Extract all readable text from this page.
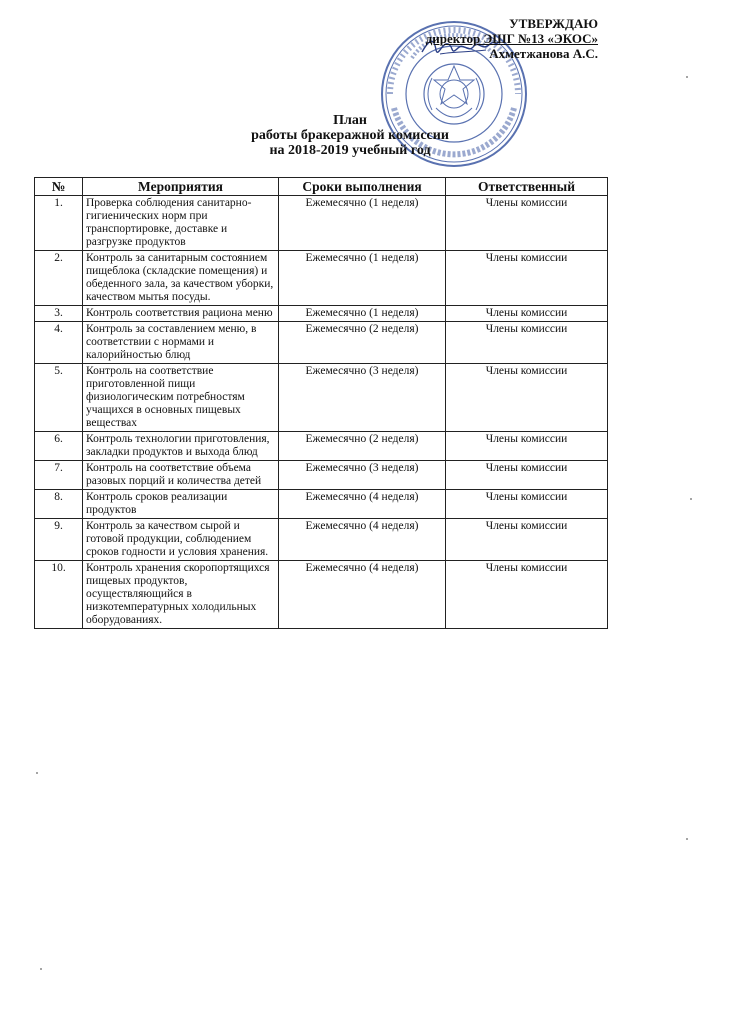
УТВЕРЖДАЮ
директор ЭШГ №13 «ЭКОС»
Ахметжанова А.С.
План
работы бракеражной комиссии
на 2018-2019 учебный год
№	Мероприятия	Сроки выполнения	Ответственный
1.	Проверка соблюдения санитарно-гигиенических норм при транспортировке, доставке и разгрузке продуктов	Ежемесячно (1 неделя)	Члены комиссии
2.	Контроль за санитарным состоянием пищеблока (складские помещения) и обеденного зала, за качеством уборки, качеством мытья посуды.	Ежемесячно (1 неделя)	Члены комиссии
3.	Контроль соответствия рациона меню	Ежемесячно (1 неделя)	Члены комиссии
4.	Контроль за составлением меню, в соответствии с нормами и калорийностью блюд	Ежемесячно (2 неделя)	Члены комиссии
5.	Контроль на соответствие приготовленной пищи физиологическим потребностям учащихся в основных пищевых веществах	Ежемесячно (3 неделя)	Члены комиссии
6.	Контроль технологии приготовления, закладки продуктов и выхода блюд	Ежемесячно (2 неделя)	Члены комиссии
7.	Контроль на соответствие объема разовых порций и количества детей	Ежемесячно (3 неделя)	Члены комиссии
8.	Контроль сроков реализации продуктов	Ежемесячно (4 неделя)	Члены комиссии
9.	Контроль за качеством сырой и готовой продукции, соблюдением сроков годности и условия хранения.	Ежемесячно (4 неделя)	Члены комиссии
10.	Контроль хранения скоропортящихся пищевых продуктов, осуществляющийся в низкотемпературных холодильных оборудованиях.	Ежемесячно (4 неделя)	Члены комиссии
